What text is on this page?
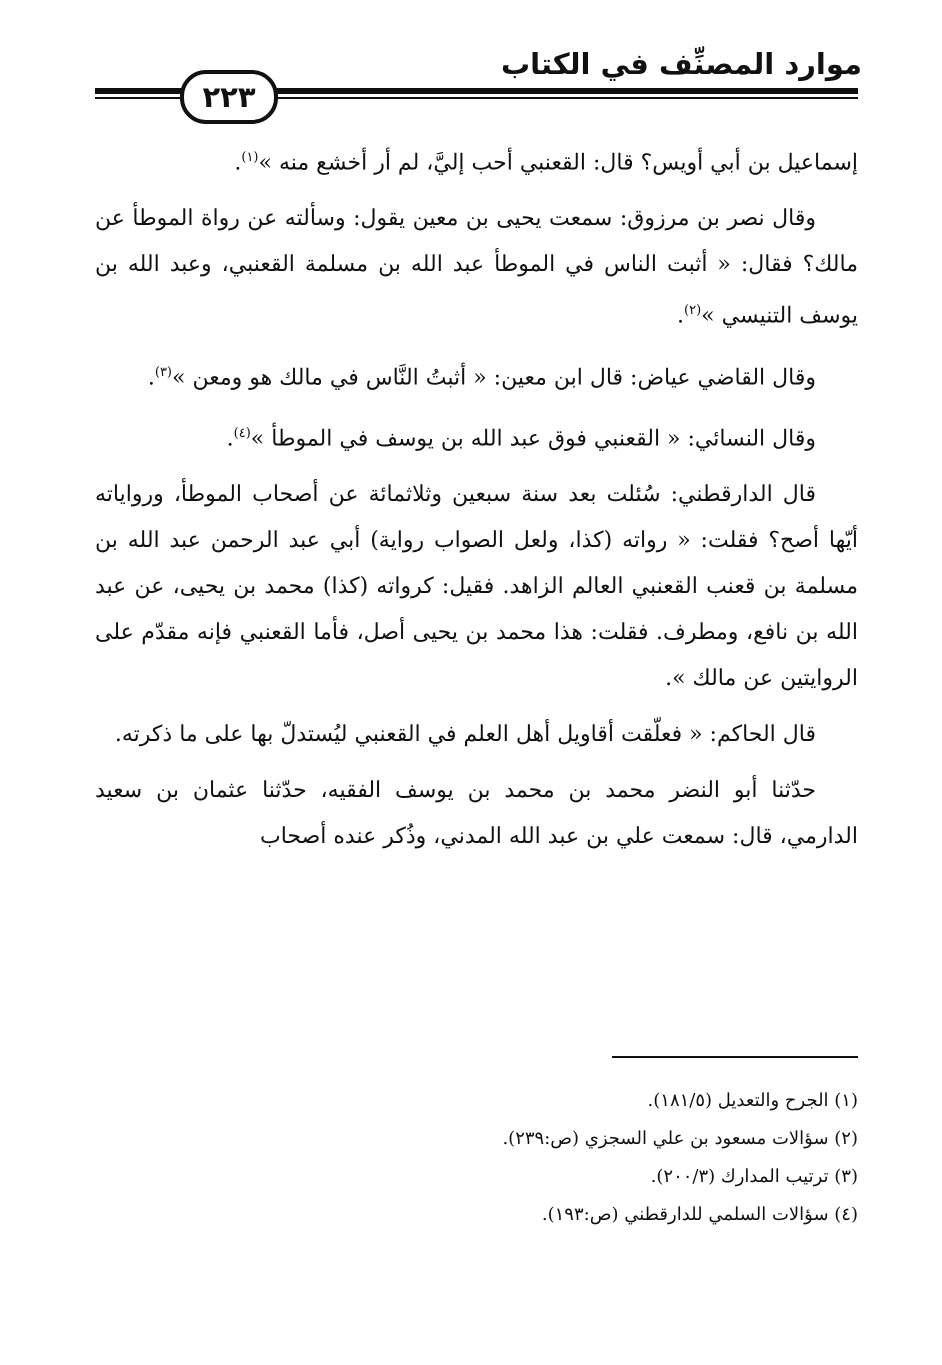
موارد المصنِّف في الكتاب
٢٢٣

إسماعيل بن أبي أويس؟ قال: القعنبي أحب إليَّ، لم أر أخشع منه »$^{(١)}$.

وقال نصر بن مرزوق: سمعت يحيى بن معين يقول: وسألته عن رواة الموطأ عن مالك؟ فقال: « أثبت الناس في الموطأ عبد الله بن مسلمة القعنبي، وعبد الله بن يوسف التنيسي »$^{(٢)}$.

وقال القاضي عياض: قال ابن معين: « أثبتُ النَّاس في مالك هو ومعن »$^{(٣)}$.

وقال النسائي: « القعنبي فوق عبد الله بن يوسف في الموطأ »$^{(٤)}$.

قال الدارقطني: سُئلت بعد سنة سبعين وثلاثمائة عن أصحاب الموطأ، ورواياته أيّها أصح؟ فقلت: « رواته (كذا، ولعل الصواب رواية) أبي عبد الرحمن عبد الله بن مسلمة بن قعنب القعنبي العالم الزاهد. فقيل: كرواته (كذا) محمد بن يحيى، عن عبد الله بن نافع، ومطرف. فقلت: هذا محمد بن يحيى أصل، فأما القعنبي فإنه مقدّم على الروايتين عن مالك ».

قال الحاكم: « فعلّقت أقاويل أهل العلم في القعنبي ليُستدلّ بها على ما ذكرته.

حدّثنا أبو النضر محمد بن محمد بن يوسف الفقيه، حدّثنا عثمان بن سعيد الدارمي، قال: سمعت علي بن عبد الله المدني، وذُكر عنده أصحاب

(١) الجرح والتعديل (١٨١/٥).
(٢) سؤالات مسعود بن علي السجزي (ص:٢٣٩).
(٣) ترتيب المدارك (٢٠٠/٣).
(٤) سؤالات السلمي للدارقطني (ص:١٩٣).
